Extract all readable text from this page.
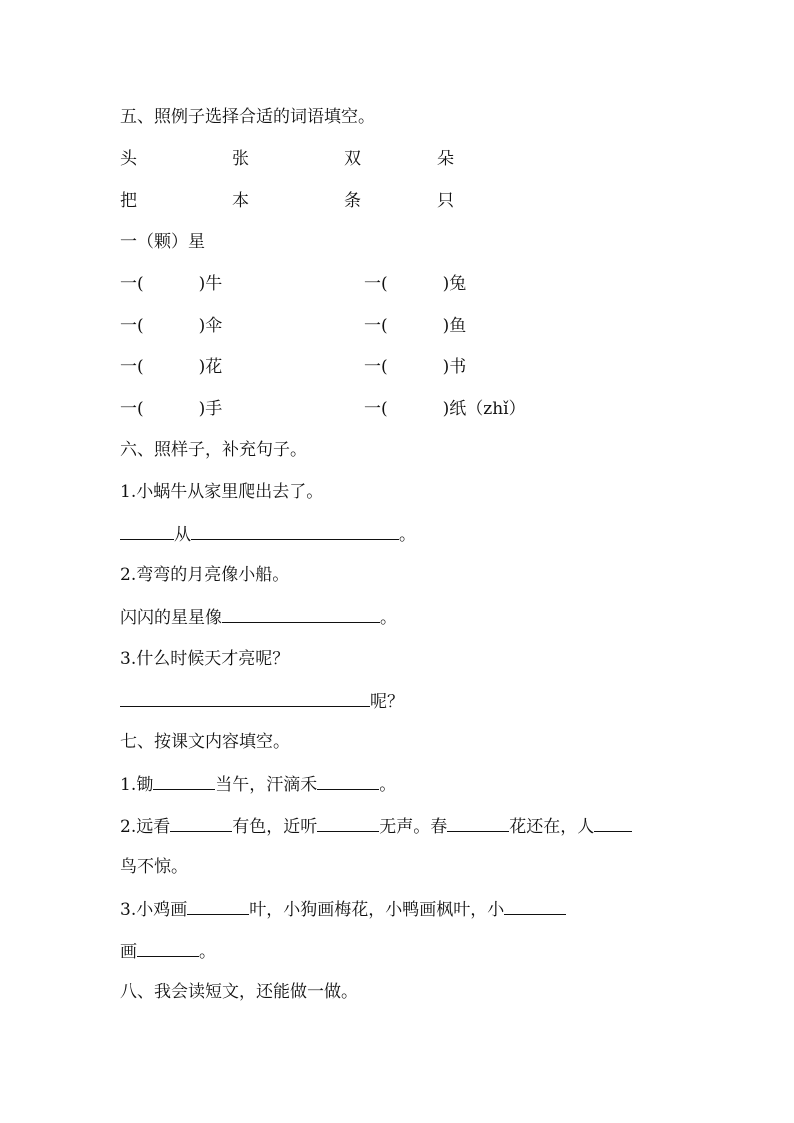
五、照例子选择合适的词语填空。
头	张	双	朵
把	本	条	只
一（颗）星
一(	)牛	一(	)兔
一(	)伞	一(	)鱼
一(	)花	一(	)书
一(	)手	一(	)纸（zhǐ）
六、照样子，补充句子。
1.小蜗牛从家里爬出去了。
从	。
2.弯弯的月亮像小船。
闪闪的星星像	。
3.什么时候天才亮呢？
呢？
七、按课文内容填空。
1.锄	当午，汗滴禾	。
2.远看	有色，近听	无声。春	花还在，人
鸟不惊。
3.小鸡画	叶，小狗画梅花，小鸭画枫叶，小
画	。
八、我会读短文，还能做一做。
